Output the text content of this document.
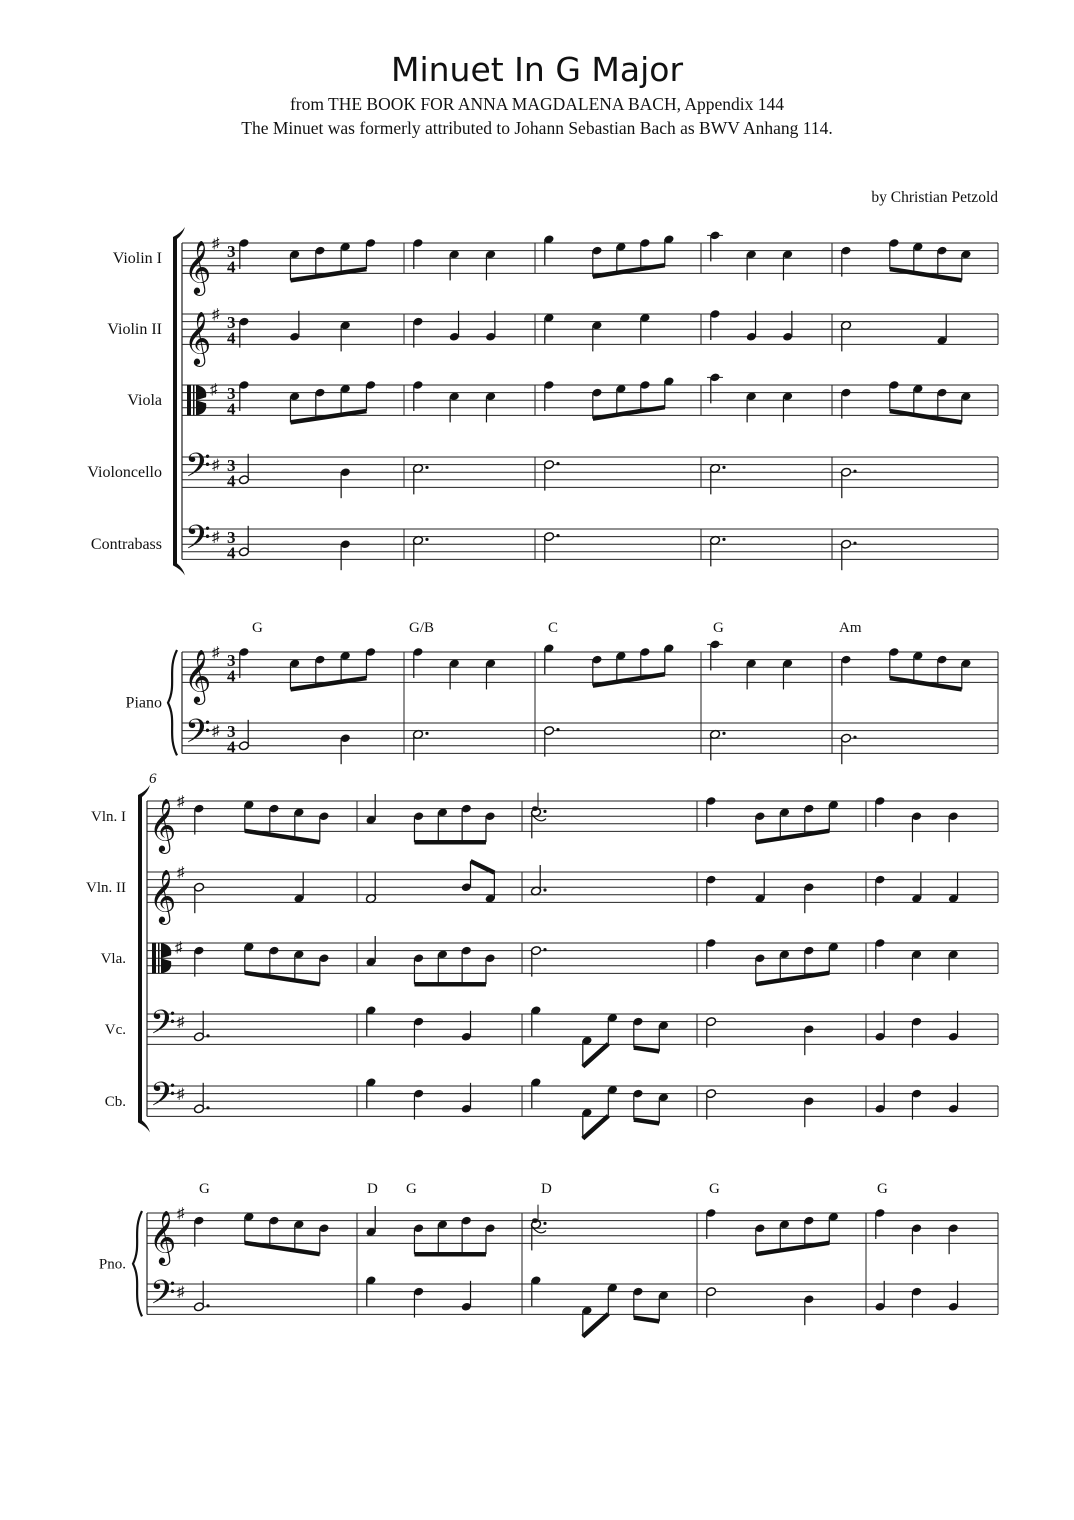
Minuet In G Major
from THE BOOK FOR ANNA MAGDALENA BACH, Appendix 144
The Minuet was formerly attributed to Johann Sebastian Bach as BWV Anhang 114.
by Christian Petzold
Violin I 𝄞 ♯ 3
4
Violin II 𝄞 ♯ 3
4
Viola
♯ 3
4
Violoncello 𝄢 ♯ 3
4
Contrabass 𝄢 ♯ 3
4
𝄞
𝄢
♯
♯
3
4
3
4
Piano
G	G/B	C	G	Am
Vln. I 𝄞 ♯
Vln. II 𝄞 ♯
Vla.
♯
Vc. 𝄢 ♯
Cb. 𝄢 ♯
𝄞
𝄢
♯
♯
Pno.
G	D G	D	G	G
6
